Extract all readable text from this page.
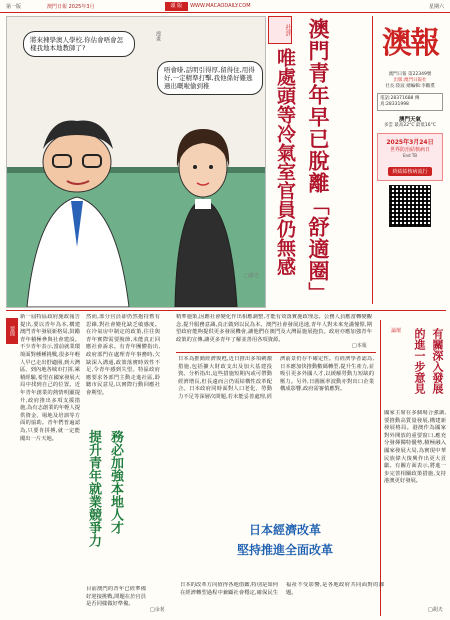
第一版	澳門日報 2025年3月	頭 版	WWW.MACAODAILY.COM	星期六
將來揀學澳人學校,你估會唔會怎樣我地本地教師了?
唔會啩,話明引得厚,留得住,用得好,一定精準打擊,我他係好難逃過出嘅啦偷到稚
漫畫
□歐光
社評 澳門青年早已脫離「舒適圈」
唯處頭等冷氣室官員仍無感
澳報
澳門日報 第22349號
出版:澳門日報社
社長:陸波 總編輯:李鵬翥
電話:28371688 傳真:28331998
澳門天氣
多雲 最高22°C 最低16°C
2025年3月24日
世界防治結核病日
End TB
終結結核病流行
要聞
新一屆特區政府施政報告提出,要以青年為本,構建澳門青年發展新格局,鼓勵青年積極參與社會建設。不少青年表示,當前就業環境面對種種挑戰,很多年輕人早已走出舒適圈,到大灣區、到內地各城市打拼,累積經驗,希望在國家發展大局中找到自己的位置。近年青年創業的熱情明顯提升,政府推出多項支援措施,為有志創業的年輕人提供資金、場地及培訓等方面的協助。青年們普遍認為,只要肯拼搏,就一定能闖出一片天地。
然而,部分官員卻仍然抱持舊有思維,對社會變化缺乏敏感度。在冷氣房中制定的政策,往往與青年實際需要脫節,未能真正回應社會訴求。有青年團體指出,政府部門在處理青年事務時,欠缺深入溝通,政策落實時效性不足,令青年感到失望。特區政府應要求各部門主動走進社區,聆聽市民意見,以實際行動回應社會期望。
提升青年就業競爭力 務必加強本地人才
□余茗
精準施策,因應社會變化作出相應調整,才能有效落實施政理念。公務人員應當轉變觀念,提升服務意識,真正做到以民為本。澳門社會發展迅速,青年人對未來充滿憧憬,期望政府能夠提供更多發展機會,讓他們在澳門及大灣區施展抱負。政府亦應加強青年政策的宣傳,讓更多青年了解並善用各項資源。
□本報
日本為推動經濟復甦,近日推出多項刺激措施,包括擴大財政支出及加大基建投資。分析指出,這些措施短期內或可帶動經濟增長,但長遠而言仍需結構性改革配合。日本政府同時面對人口老化、勞動力不足等深層次問題,若未能妥善處理,經濟前景仍存不確定性。有經濟學者認為,日本應加快推動數碼轉型,提升生產力,並吸引更多外國人才,以緩解勞動力短缺的壓力。另外,日圓匯率波動亦對出口企業構成影響,政府需審慎應對。
日本經濟改革
堅持推進全面改革
日本的改革方向值得各地借鑑,特別是如何在經濟轉型過程中兼顧社會穩定,確保民生福祉不受影響,是各地政府共同面對的課題。
論壇	有關深入發展的進一步意見
國家主席在多個場合強調,要推動高質量發展,構建新發展格局。港澳作為國家對外開放的重要窗口,應充分發揮獨特優勢,積極融入國家發展大局,為實現中華民族偉大復興作出更大貢獻。有關方面表示,將進一步完善相關政策措施,支持港澳更好發展。
□胡夫
目前澳門的青年已經準備好迎接挑戰,問題在於官員是否同樣做好準備。
